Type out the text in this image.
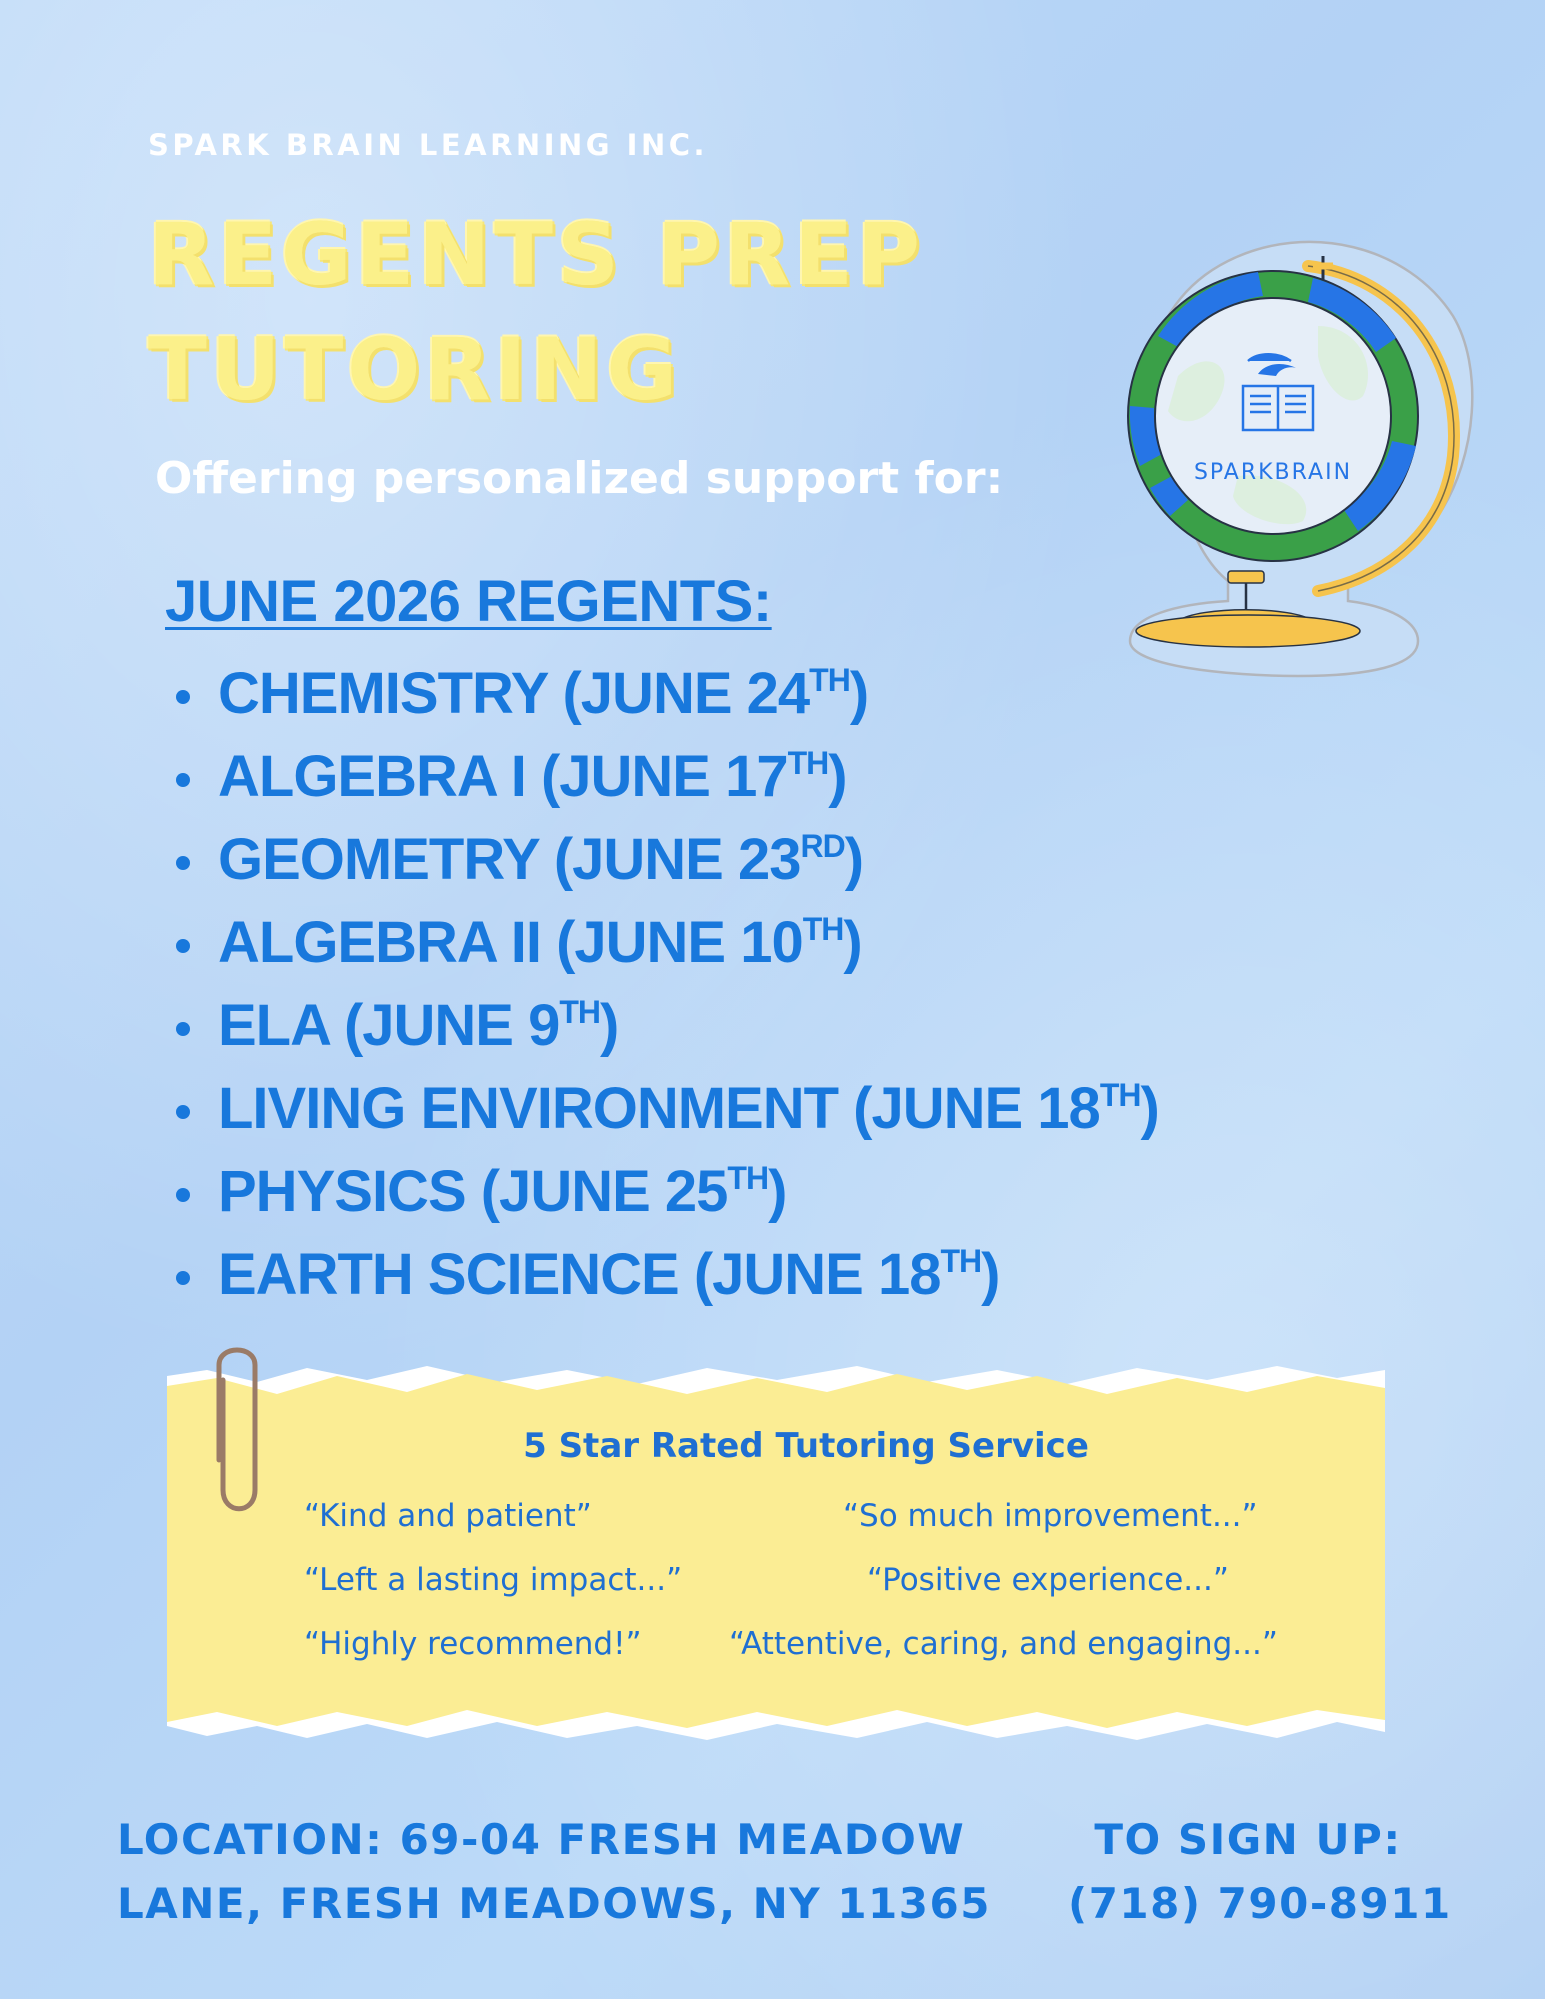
SPARK BRAIN LEARNING INC.
REGENTS PREP
TUTORING
Offering personalized support for:	SPARKBRAIN
JUNE 2026 REGENTS:
CHEMISTRY (JUNE 24TH)
ALGEBRA I (JUNE 17TH)
GEOMETRY (JUNE 23RD)
ALGEBRA II (JUNE 10TH)
ELA (JUNE 9TH)
LIVING ENVIRONMENT (JUNE 18TH)
PHYSICS (JUNE 25TH)
EARTH SCIENCE (JUNE 18TH)
5 Star Rated Tutoring Service
“Kind and patient”	“So much improvement...”
“Left a lasting impact...”	“Positive experience...”
“Highly recommend!”	“Attentive, caring, and engaging...”
LOCATION: 69-04 FRESH MEADOW
LANE, FRESH MEADOWS, NY 11365
TO SIGN UP:
(718) 790-8911
